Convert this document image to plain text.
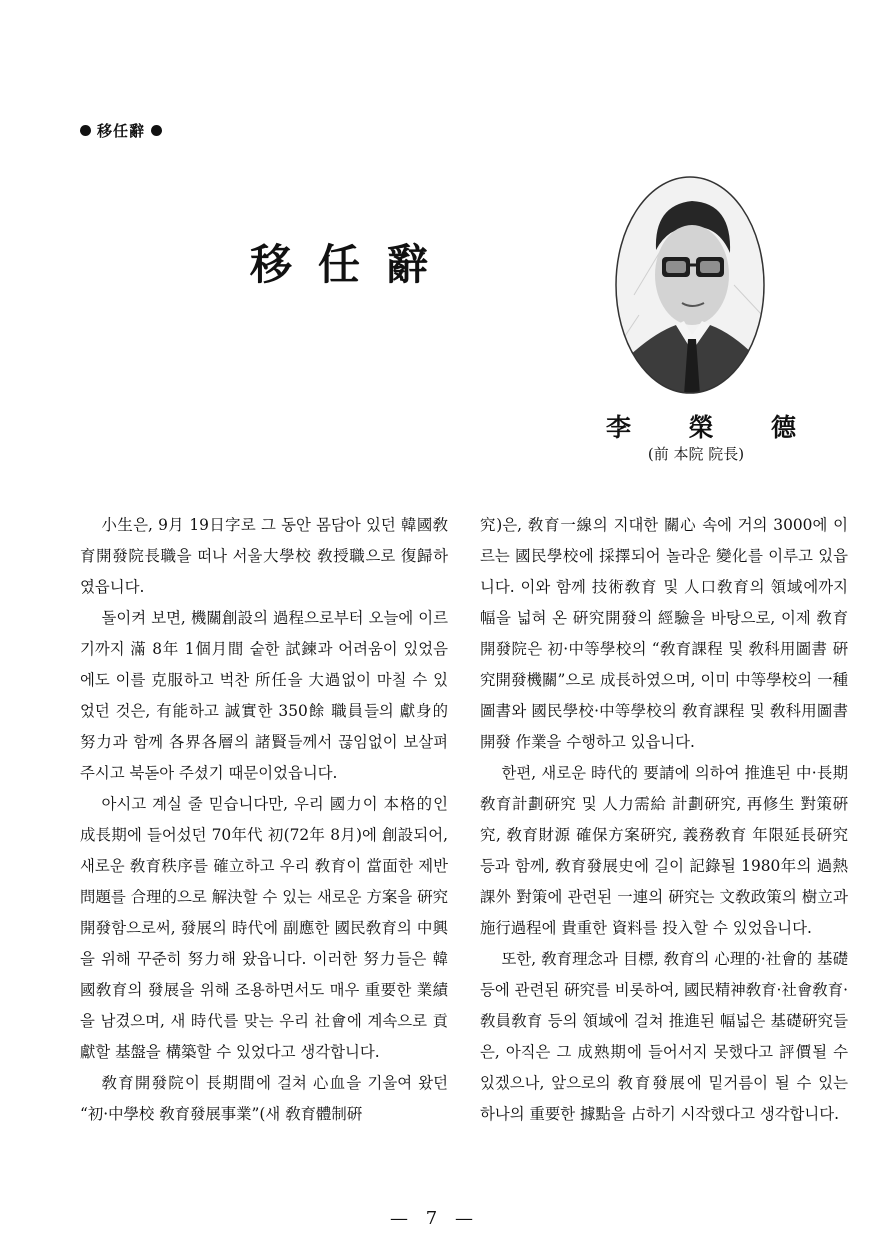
移任辭
移任辭
李 榮 德
(前 本院 院長)

小生은, 9月 19日字로 그 동안 몸담아 있던 韓國敎育開發院長職을 떠나 서울大學校 敎授職으로 復歸하였읍니다.

돌이켜 보면, 機關創設의 過程으로부터 오늘에 이르기까지 滿 8年 1個月間 숱한 試鍊과 어려움이 있었음에도 이를 克服하고 벅찬 所任을 大過없이 마칠 수 있었던 것은, 有能하고 誠實한 350餘 職員들의 獻身的 努力과 함께 各界各層의 諸賢들께서 끊임없이 보살펴 주시고 북돋아 주셨기 때문이었읍니다.

아시고 계실 줄 믿습니다만, 우리 國力이 本格的인 成長期에 들어섰던 70年代 初(72年 8月)에 創設되어, 새로운 敎育秩序를 確立하고 우리 敎育이 當面한 제반 問題를 合理的으로 解決할 수 있는 새로운 方案을 硏究開發함으로써, 發展의 時代에 副應한 國民敎育의 中興을 위해 꾸준히 努力해 왔읍니다. 이러한 努力들은 韓國敎育의 發展을 위해 조용하면서도 매우 重要한 業績을 남겼으며, 새 時代를 맞는 우리 社會에 계속으로 貢獻할 基盤을 構築할 수 있었다고 생각합니다.

敎育開發院이 長期間에 걸쳐 心血을 기울여 왔던 “初·中學校 敎育發展事業”(새 敎育體制硏

究)은, 敎育一線의 지대한 關心 속에 거의 3000에 이르는 國民學校에 採擇되어 놀라운 變化를 이루고 있읍니다. 이와 함께 技術敎育 및 人口敎育의 領域에까지 幅을 넓혀 온 硏究開發의 經驗을 바탕으로, 이제 敎育開發院은 初·中等學校의 “敎育課程 및 敎科用圖書 硏究開發機關”으로 成長하였으며, 이미 中等學校의 一種圖書와 國民學校·中等學校의 敎育課程 및 敎科用圖書 開發 作業을 수행하고 있읍니다.

한편, 새로운 時代的 要請에 의하여 推進된 中·長期 敎育計劃硏究 및 人力需給 計劃硏究, 再修生 對策硏究, 敎育財源 確保方案硏究, 義務敎育 年限延長硏究 등과 함께, 敎育發展史에 길이 記錄될 1980年의 過熱課外 對策에 관련된 一連의 硏究는 文敎政策의 樹立과 施行過程에 貴重한 資料를 投入할 수 있었읍니다.

또한, 敎育理念과 目標, 敎育의 心理的·社會的 基礎 등에 관련된 硏究를 비롯하여, 國民精神敎育·社會敎育·敎員敎育 등의 領域에 걸쳐 推進된 幅넓은 基礎硏究들은, 아직은 그 成熟期에 들어서지 못했다고 評價될 수 있겠으나, 앞으로의 敎育發展에 밑거름이 될 수 있는 하나의 重要한 據點을 占하기 시작했다고 생각합니다.

— 7 —
